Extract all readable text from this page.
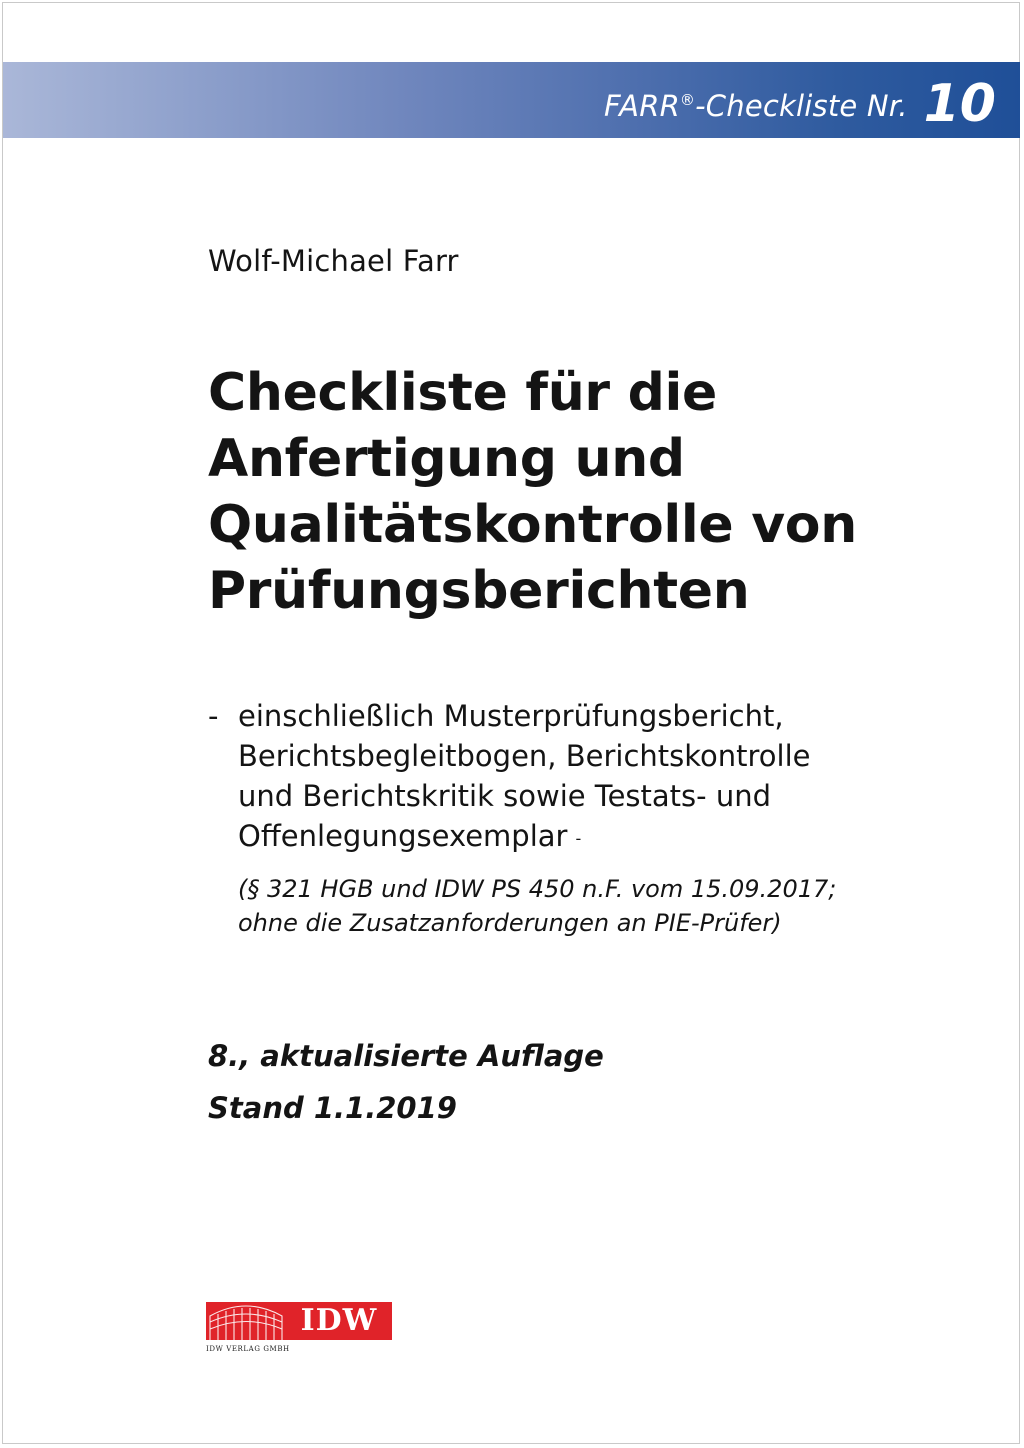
FARR®-Checkliste Nr. 10
Wolf-Michael Farr
Checkliste für die
Anfertigung und
Qualitätskontrolle von
Prüfungsberichten
- einschließlich Musterprüfungsbericht,
Berichtsbegleitbogen, Berichtskontrolle
und Berichtskritik sowie Testats- und
Offenlegungsexemplar -
(§ 321 HGB und IDW PS 450 n.F. vom 15.09.2017;
ohne die Zusatzanforderungen an PIE-Prüfer)
8., aktualisierte Auflage
Stand 1.1.2019
IDW
IDW VERLAG GMBH
